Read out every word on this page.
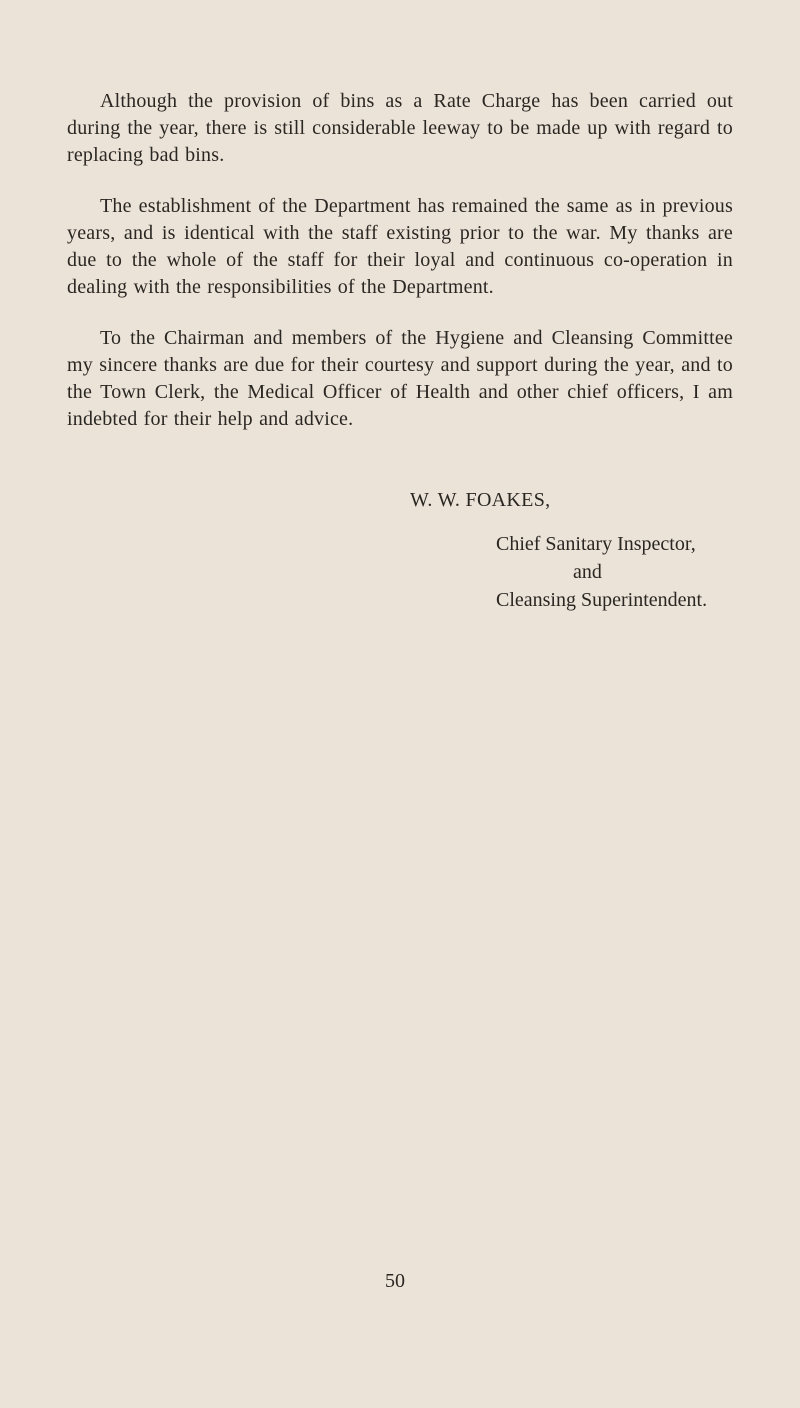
Although the provision of bins as a Rate Charge has been carried out during the year, there is still considerable leeway to be made up with regard to replacing bad bins.

The establishment of the Department has remained the same as in previous years, and is identical with the staff existing prior to the war. My thanks are due to the whole of the staff for their loyal and continuous co-operation in dealing with the responsibilities of the Department.

To the Chairman and members of the Hygiene and Cleansing Committee my sincere thanks are due for their courtesy and support during the year, and to the Town Clerk, the Medical Officer of Health and other chief officers, I am indebted for their help and advice.

W. W. FOAKES,
Chief Sanitary Inspector,
and
Cleansing Superintendent.
50
